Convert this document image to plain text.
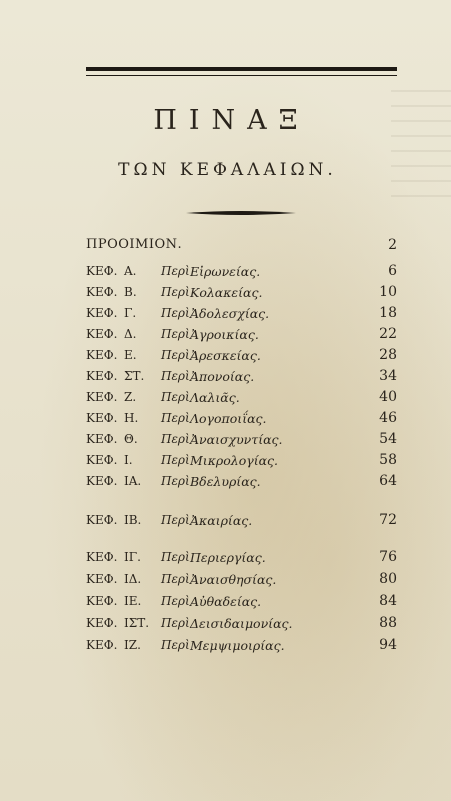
ΠΙΝΑΞ
ΤΩΝ ΚΕΦΑΛΑΙΩΝ.
ΠΡΟΟΙΜΙΟΝ.	2
ΚΕΦ. Α. Περὶ Εἰρωνείας.	6
ΚΕΦ. Β. Περὶ Κολακείας.	10
ΚΕΦ. Γ. Περὶ Ἀδολεσχίας.	18
ΚΕΦ. Δ. Περὶ Ἀγροικίας.	22
ΚΕΦ. Ε. Περὶ Ἀρεσκείας.	28
ΚΕΦ. ΣΤ. Περὶ Ἀπονοίας.	34
ΚΕΦ. Ζ. Περὶ Λαλιᾶς.	40
ΚΕΦ. Η. Περὶ Λογοποιΐας.	46
ΚΕΦ. Θ. Περὶ Ἀναισχυντίας.	54
ΚΕΦ. Ι. Περὶ Μικρολογίας.	58
ΚΕΦ. ΙΑ. Περὶ Βδελυρίας.	64
ΚΕΦ. ΙΒ. Περὶ Ἀκαιρίας.	72
ΚΕΦ. ΙΓ. Περὶ Περιεργίας.	76
ΚΕΦ. ΙΔ. Περὶ Ἀναισθησίας.	80
ΚΕΦ. ΙΕ. Περὶ Αὐθαδείας.	84
ΚΕΦ. ΙΣΤ. Περὶ Δεισιδαιμονίας.	88
ΚΕΦ. ΙΖ. Περὶ Μεμψιμοιρίας.	94
